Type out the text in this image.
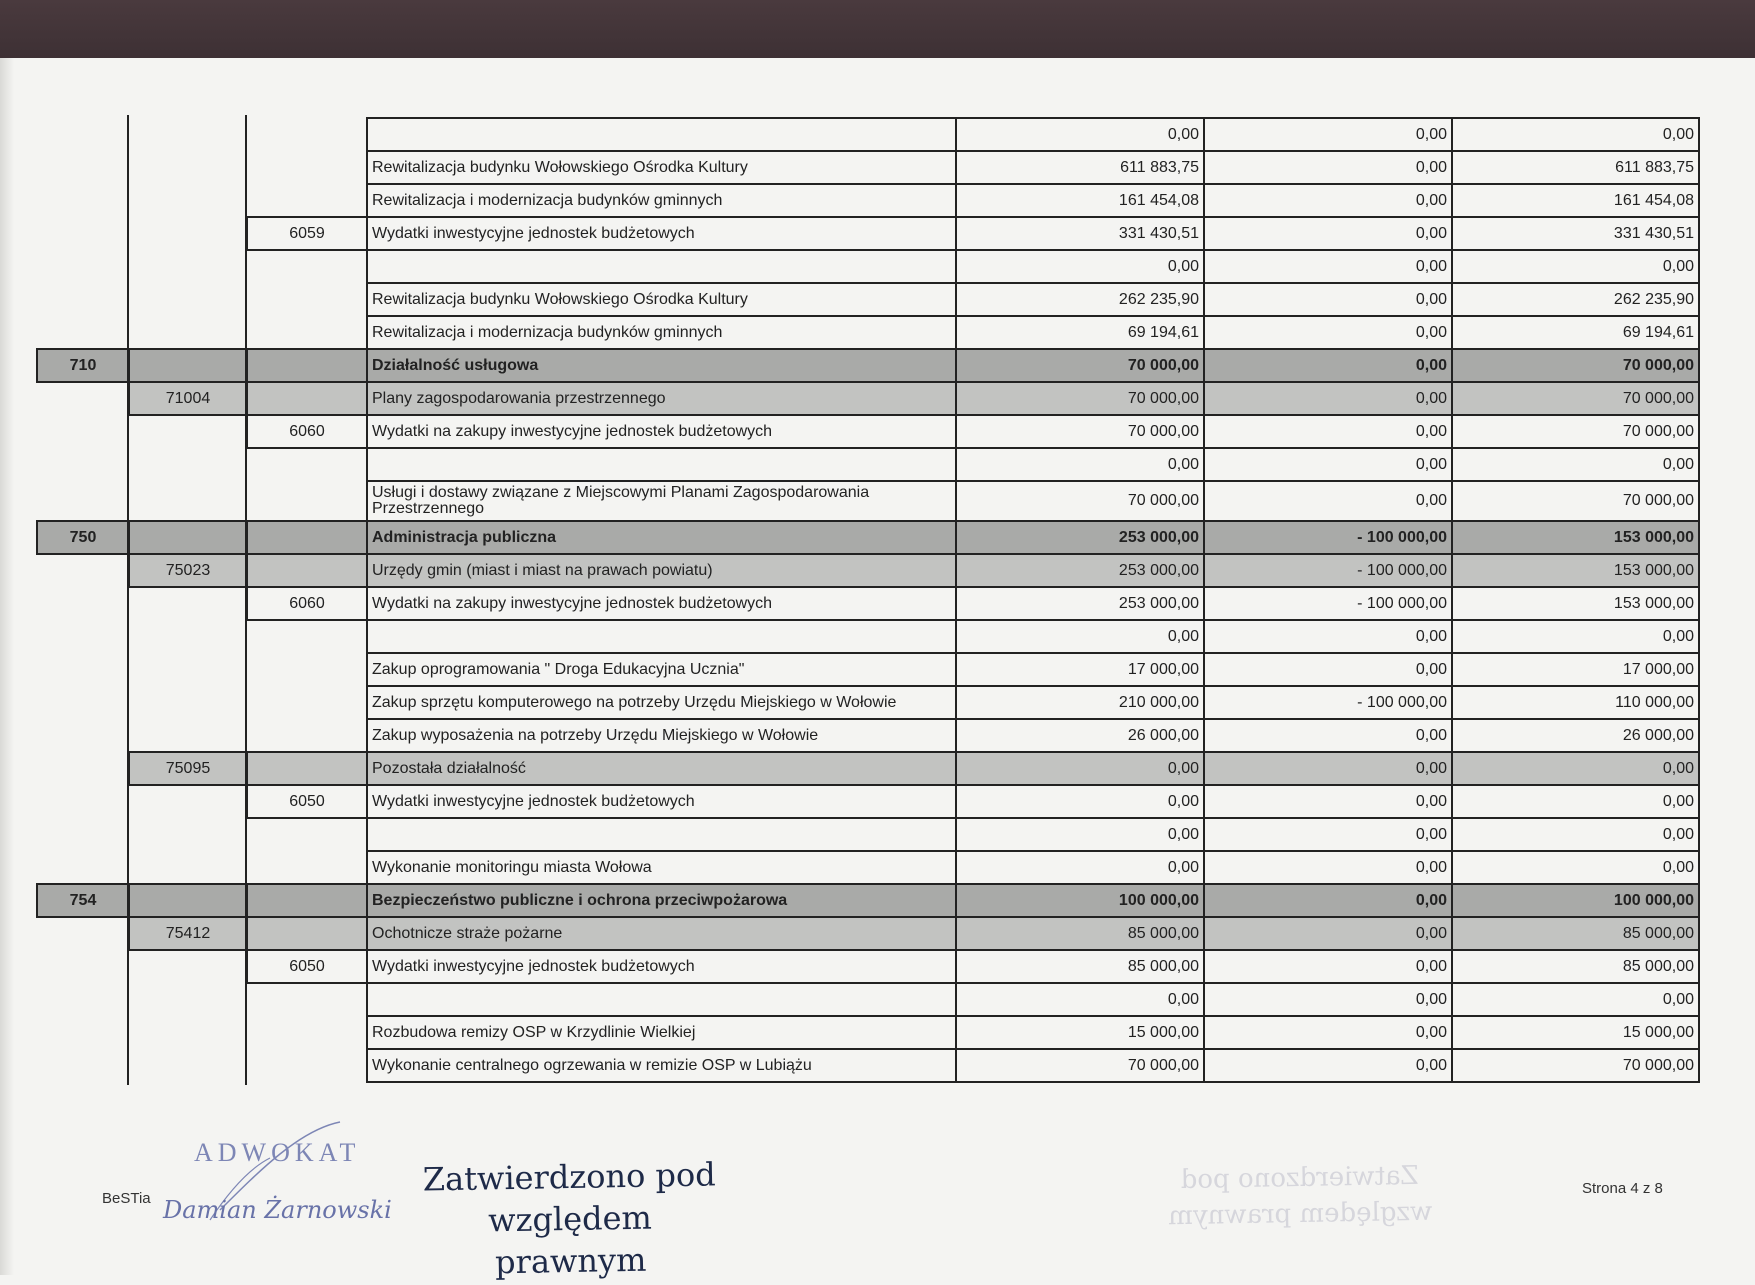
				0,00	0,00	0,00
			Rewitalizacja budynku Wołowskiego Ośrodka Kultury	611 883,75	0,00	611 883,75
			Rewitalizacja i modernizacja budynków gminnych	161 454,08	0,00	161 454,08
		6059	Wydatki inwestycyjne jednostek budżetowych	331 430,51	0,00	331 430,51
				0,00	0,00	0,00
			Rewitalizacja budynku Wołowskiego Ośrodka Kultury	262 235,90	0,00	262 235,90
			Rewitalizacja i modernizacja budynków gminnych	69 194,61	0,00	69 194,61
710			Działalność usługowa	70 000,00	0,00	70 000,00
	71004		Plany zagospodarowania przestrzennego	70 000,00	0,00	70 000,00
		6060	Wydatki na zakupy inwestycyjne jednostek budżetowych	70 000,00	0,00	70 000,00
				0,00	0,00	0,00
			Usługi i dostawy związane z Miejscowymi Planami Zagospodarowania Przestrzennego	70 000,00	0,00	70 000,00
750			Administracja publiczna	253 000,00	- 100 000,00	153 000,00
	75023		Urzędy gmin (miast i miast na prawach powiatu)	253 000,00	- 100 000,00	153 000,00
		6060	Wydatki na zakupy inwestycyjne jednostek budżetowych	253 000,00	- 100 000,00	153 000,00
				0,00	0,00	0,00
			Zakup oprogramowania " Droga Edukacyjna Ucznia"	17 000,00	0,00	17 000,00
			Zakup sprzętu komputerowego na potrzeby Urzędu Miejskiego w Wołowie	210 000,00	- 100 000,00	110 000,00
			Zakup wyposażenia na potrzeby Urzędu Miejskiego w Wołowie	26 000,00	0,00	26 000,00
	75095		Pozostała działalność	0,00	0,00	0,00
		6050	Wydatki inwestycyjne jednostek budżetowych	0,00	0,00	0,00
				0,00	0,00	0,00
			Wykonanie monitoringu miasta Wołowa	0,00	0,00	0,00
754			Bezpieczeństwo publiczne i ochrona przeciwpożarowa	100 000,00	0,00	100 000,00
	75412		Ochotnicze straże pożarne	85 000,00	0,00	85 000,00
		6050	Wydatki inwestycyjne jednostek budżetowych	85 000,00	0,00	85 000,00
				0,00	0,00	0,00
			Rozbudowa remizy OSP w Krzydlinie Wielkiej	15 000,00	0,00	15 000,00
			Wykonanie centralnego ogrzewania w remizie OSP w Lubiążu	70 000,00	0,00	70 000,00
BeSTia
Strona 4 z 8
Zatwierdzono pod
względem prawnym
ADWOKAT
Damian Żarnowski
Zatwierdzono pod
względem prawnym
